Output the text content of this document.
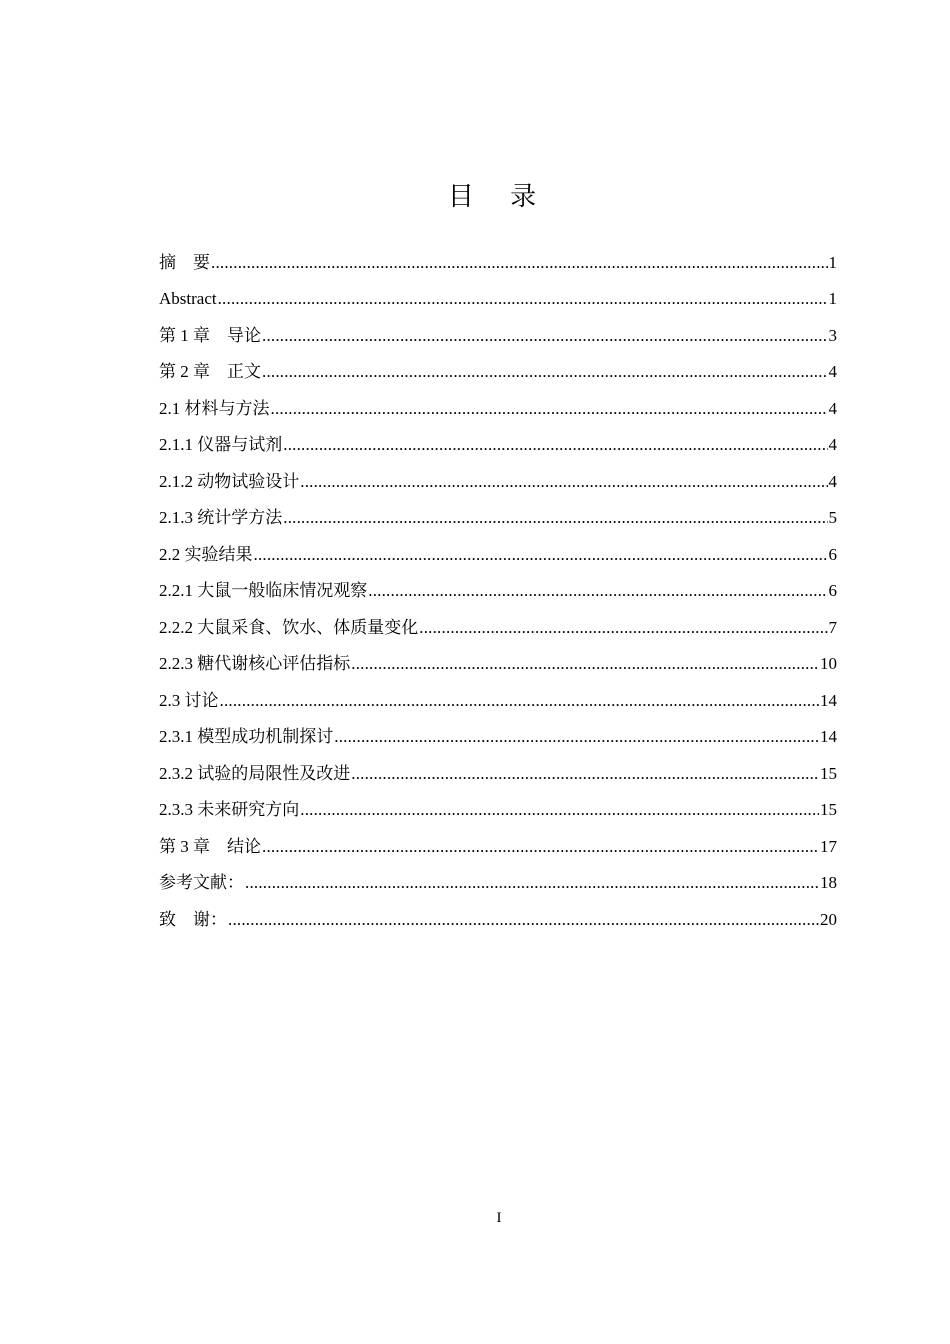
目 录
摘    要 .....	1
Abstract .....	1
第 1 章    导论 .....	3
第 2 章    正文 .....	4
2.1 材料与方法 .....	4
2.1.1 仪器与试剂 .....	4
2.1.2 动物试验设计 .....	4
2.1.3 统计学方法 .....	5
2.2 实验结果 .....	6
2.2.1 大鼠一般临床情况观察 .....	6
2.2.2 大鼠采食、饮水、体质量变化 .....	7
2.2.3 糖代谢核心评估指标 .....	10
2.3 讨论 .....	14
2.3.1 模型成功机制探讨 .....	14
2.3.2 试验的局限性及改进 .....	15
2.3.3 未来研究方向 .....	15
第 3 章    结论 .....	17
参考文献： .....	18
致    谢： .....	20
I
